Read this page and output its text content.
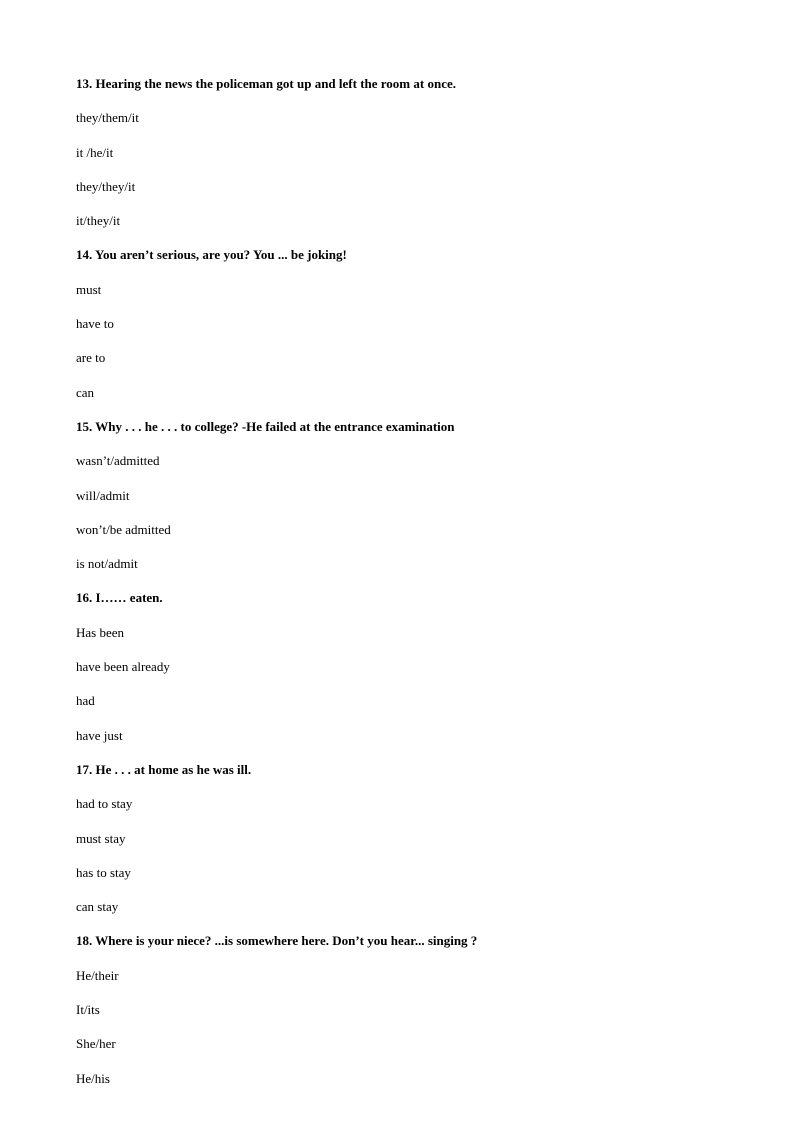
13. Hearing the news the policeman got up and left the room at once.
they/them/it
it /he/it
they/they/it
it/they/it
14. You aren’t serious, are you? You ... be joking!
must
have to
are to
can
15. Why . . . he . . . to college? -He failed at the entrance examination
wasn’t/admitted
will/admit
won’t/be admitted
is not/admit
16. I…… eaten.
Has been
have been already
had
have just
17. He . . . at home as he was ill.
had to stay
must stay
has to stay
can stay
18. Where is your niece? ...is somewhere here. Don’t you hear... singing ?
He/their
It/its
She/her
He/his
